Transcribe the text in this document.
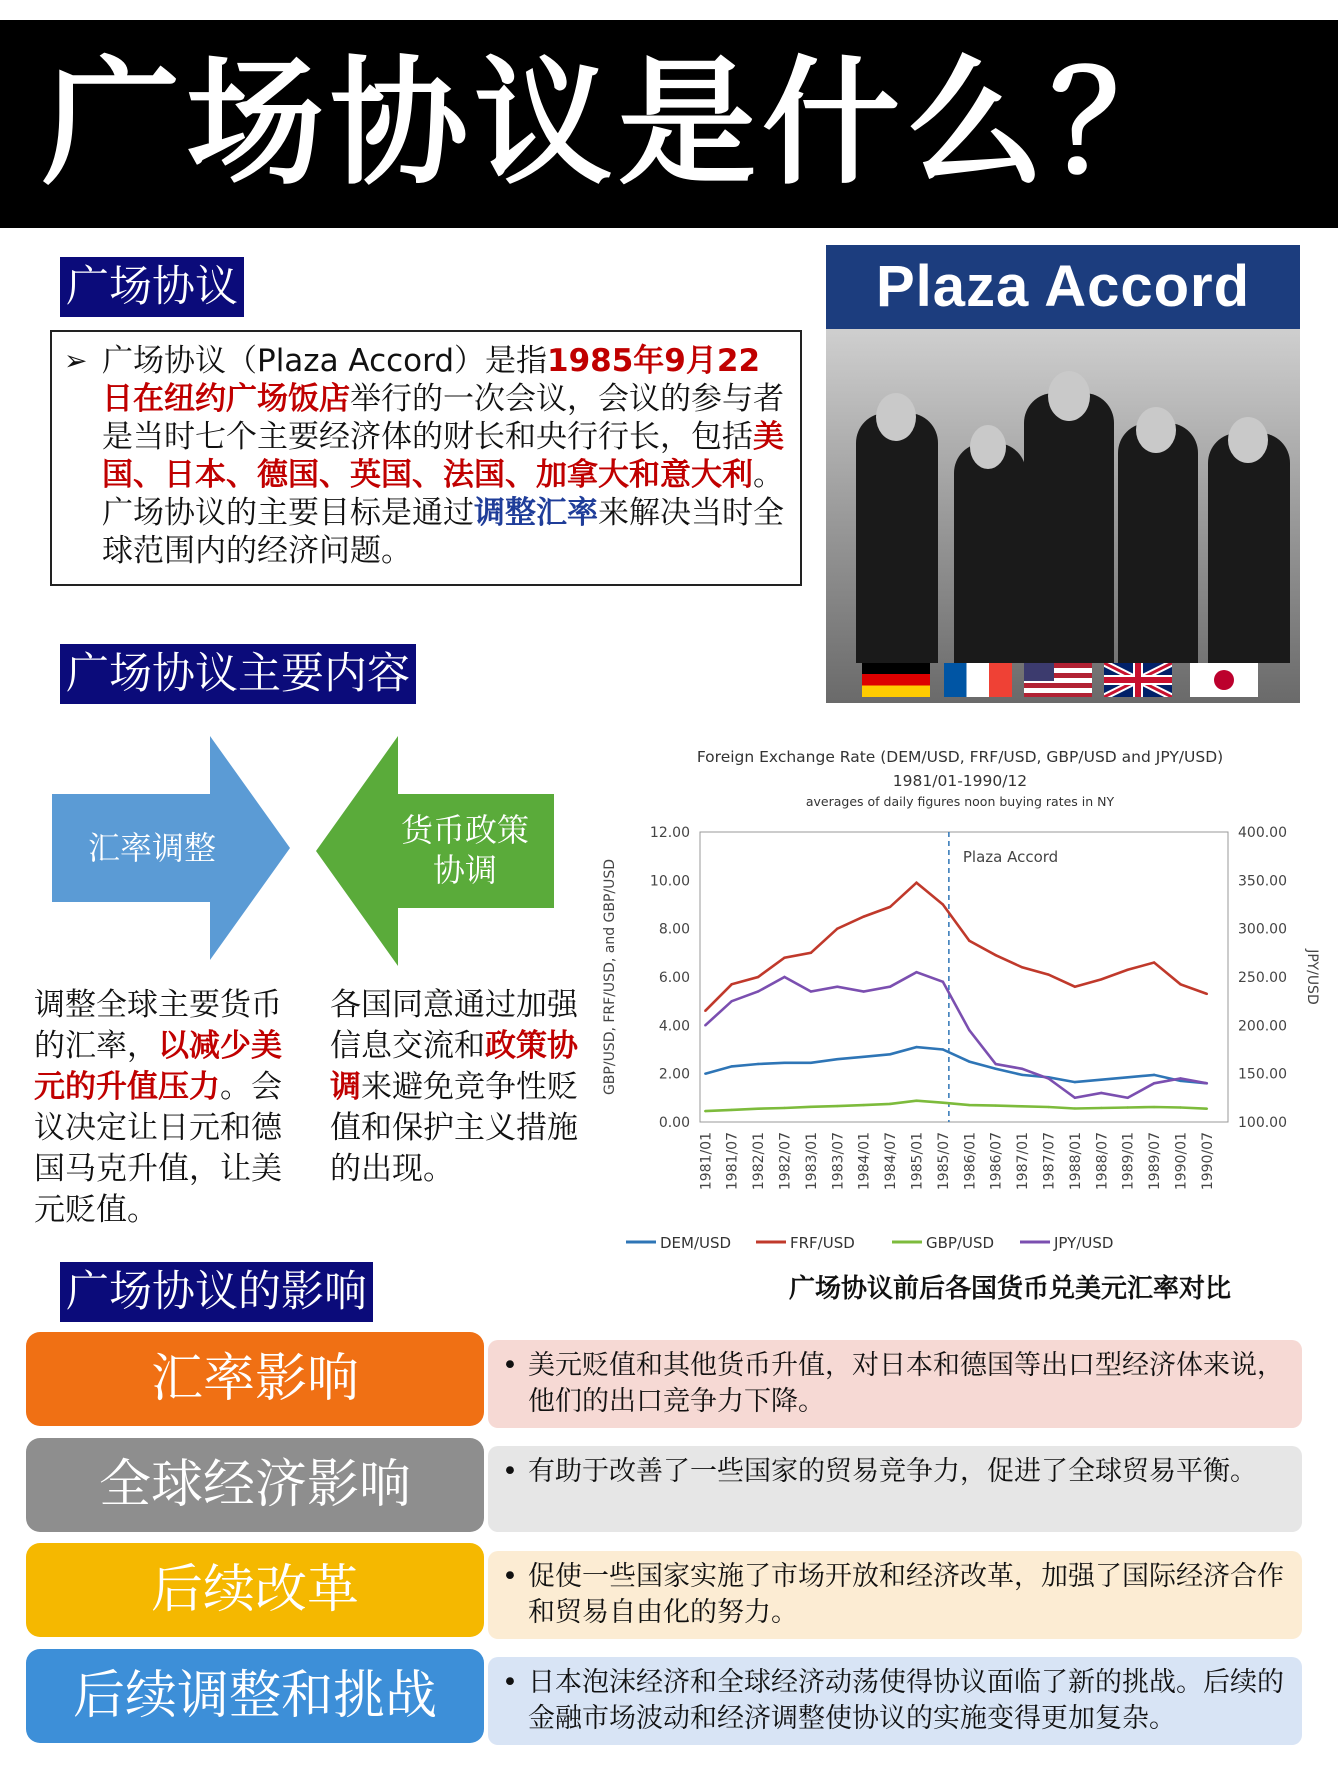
广场协议是什么？
广场协议
➢ 广场协议（Plaza Accord）是指1985年9月22日在纽约广场饭店举行的一次会议，会议的参与者是当时七个主要经济体的财长和央行行长，包括美国、日本、德国、英国、法国、加拿大和意大利。广场协议的主要目标是通过调整汇率来解决当时全球范围内的经济问题。
Plaza Accord
广场协议主要内容
汇率调整	货币政策
协调
调整全球主要货币的汇率，以减少美元的升值压力。会议决定让日元和德国马克升值，让美元贬值。
各国同意通过加强信息交流和政策协调来避免竞争性贬值和保护主义措施的出现。
Foreign Exchange Rate (DEM/USD, FRF/USD, GBP/USD and JPY/USD)
1981/01-1990/12
averages of daily figures noon buying rates in NY
0.00
2.00
4.00
6.00
8.00
10.00
12.00
100.00
150.00
200.00
250.00
300.00
350.00
400.00
GBP/USD, FRF/USD, and GBP/USD	JPY/USD
1981/01 1981/07 1982/01 1982/07 1983/01 1983/07 1984/01 1984/07 1985/01 1985/07 1986/01 1986/07 1987/01 1987/07 1988/01 1988/07 1989/01 1989/07 1990/01 1990/07
Plaza Accord
DEM/USD	FRF/USD	GBP/USD	JPY/USD
广场协议前后各国货币兑美元汇率对比
广场协议的影响
汇率影响	• 美元贬值和其他货币升值，对日本和德国等出口型经济体来说，他们的出口竞争力下降。
全球经济影响	• 有助于改善了一些国家的贸易竞争力，促进了全球贸易平衡。
后续改革	• 促使一些国家实施了市场开放和经济改革，加强了国际经济合作和贸易自由化的努力。
后续调整和挑战	• 日本泡沫经济和全球经济动荡使得协议面临了新的挑战。后续的金融市场波动和经济调整使协议的实施变得更加复杂。
